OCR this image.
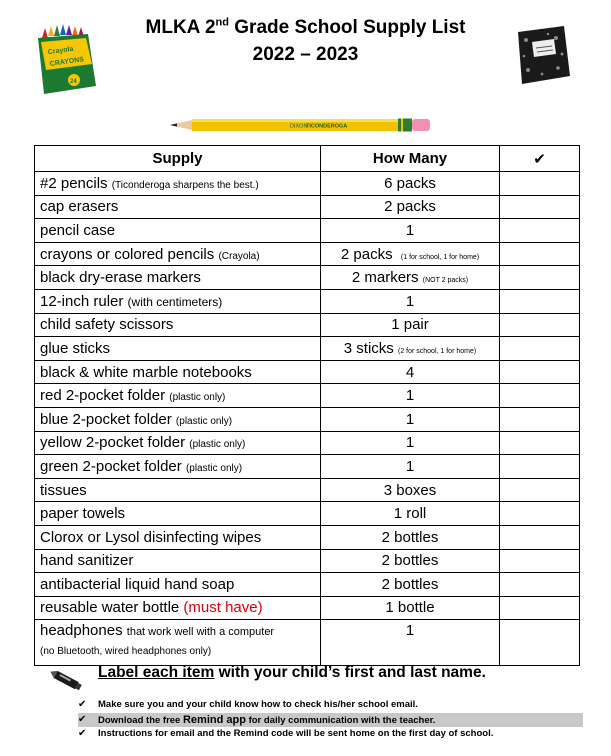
MLKA 2nd Grade School Supply List
2022 – 2023
Crayola
CRAYONS
24
DIXON
TICONDEROGA
Supply	How Many	✔
#2 pencils (Ticonderoga sharpens the best.)	6 packs	
cap erasers	2 packs	
pencil case	1	
crayons or colored pencils (Crayola)	2 packs (1 for school, 1 for home)	
black dry-erase markers	2 markers (NOT 2 packs)	
12-inch ruler (with centimeters)	1	
child safety scissors	1 pair	
glue sticks	3 sticks (2 for school, 1 for home)	
black & white marble notebooks	4	
red 2-pocket folder (plastic only)	1	
blue 2-pocket folder (plastic only)	1	
yellow 2-pocket folder (plastic only)	1	
green 2-pocket folder (plastic only)	1	
tissues	3 boxes	
paper towels	1 roll	
Clorox or Lysol disinfecting wipes	2 bottles	
hand sanitizer	2 bottles	
antibacterial liquid hand soap	2 bottles	
reusable water bottle (must have)	1 bottle	
headphones that work well with a computer
(no Bluetooth, wired headphones only)	1	
Label each item with your child’s first and last name.
✔ Make sure you and your child know how to check his/her school email.
✔ Download the free Remind app for daily communication with the teacher.
✔ Instructions for email and the Remind code will be sent home on the first day of school.
